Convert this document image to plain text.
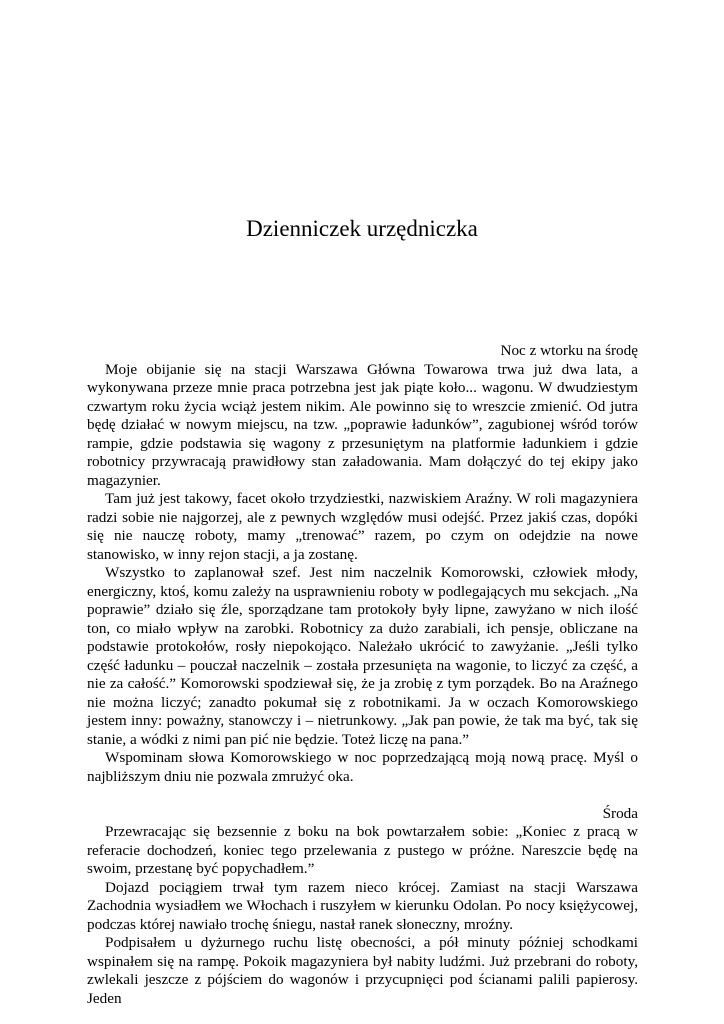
Dzienniczek urzędniczka

Noc z wtorku na środę

Moje obijanie się na stacji Warszawa Główna Towarowa trwa już dwa lata, a wykonywana przeze mnie praca potrzebna jest jak piąte koło... wagonu. W dwudziestym czwartym roku życia wciąż jestem nikim. Ale powinno się to wreszcie zmienić. Od jutra będę działać w nowym miejscu, na tzw. „poprawie ładunków”, zagubionej wśród torów rampie, gdzie podstawia się wagony z przesuniętym na platformie ładunkiem i gdzie robotnicy przywracają prawidłowy stan załadowania. Mam dołączyć do tej ekipy jako magazynier.

Tam już jest takowy, facet około trzydziestki, nazwiskiem Araźny. W roli magazyniera radzi sobie nie najgorzej, ale z pewnych względów musi odejść. Przez jakiś czas, dopóki się nie nauczę roboty, mamy „trenować” razem, po czym on odejdzie na nowe stanowisko, w inny rejon stacji, a ja zostanę.

Wszystko to zaplanował szef. Jest nim naczelnik Komorowski, człowiek młody, energiczny, ktoś, komu zależy na usprawnieniu roboty w podlegających mu sekcjach. „Na poprawie” działo się źle, sporządzane tam protokoły były lipne, zawyżano w nich ilość ton, co miało wpływ na zarobki. Robotnicy za dużo zarabiali, ich pensje, obliczane na podstawie protokołów, rosły niepokojąco. Należało ukrócić to zawyżanie. „Jeśli tylko część ładunku – pouczał naczelnik – została przesunięta na wagonie, to liczyć za część, a nie za całość.” Komorowski spodziewał się, że ja zrobię z tym porządek. Bo na Araźnego nie można liczyć; zanadto pokumał się z robotnikami. Ja w oczach Komorowskiego jestem inny: poważny, stanowczy i – nietrunkowy. „Jak pan powie, że tak ma być, tak się stanie, a wódki z nimi pan pić nie będzie. Toteż liczę na pana.”

Wspominam słowa Komorowskiego w noc poprzedzającą moją nową pracę. Myśl o najbliższym dniu nie pozwala zmrużyć oka.

Środa

Przewracając się bezsennie z boku na bok powtarzałem sobie: „Koniec z pracą w referacie dochodzeń, koniec tego przelewania z pustego w próżne. Nareszcie będę na swoim, przestanę być popychadłem.”

Dojazd pociągiem trwał tym razem nieco krócej. Zamiast na stacji Warszawa Zachodnia wysiadłem we Włochach i ruszyłem w kierunku Odolan. Po nocy księżycowej, podczas której nawiało trochę śniegu, nastał ranek słoneczny, mroźny.

Podpisałem u dyżurnego ruchu listę obecności, a pół minuty później schodkami wspinałem się na rampę. Pokoik magazyniera był nabity ludźmi. Już przebrani do roboty, zwlekali jeszcze z pójściem do wagonów i przycupnięci pod ścianami palili papierosy. Jeden
